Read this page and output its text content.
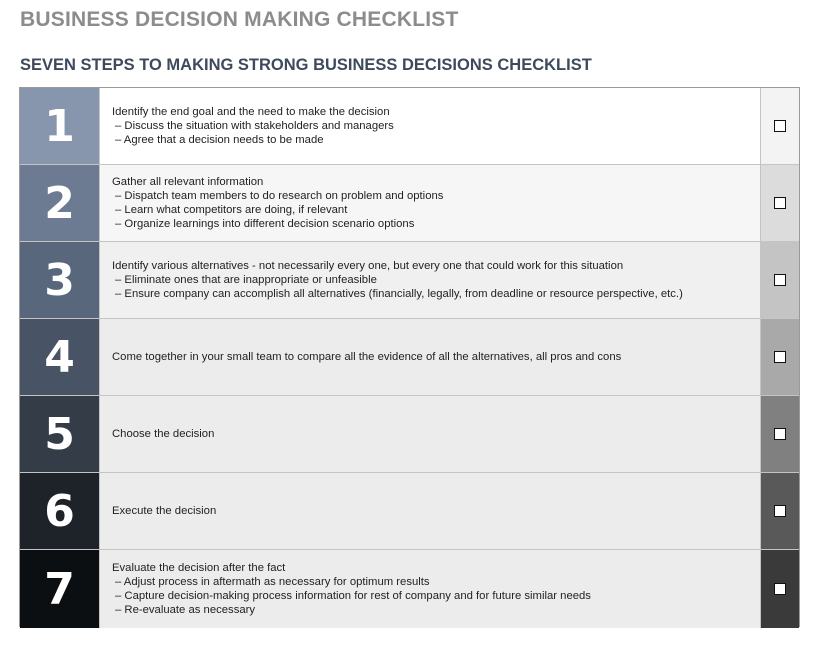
BUSINESS DECISION MAKING CHECKLIST
SEVEN STEPS TO MAKING STRONG BUSINESS DECISIONS CHECKLIST
1	Identify the end goal and the need to make the decision
– Discuss the situation with stakeholders and managers
– Agree that a decision needs to be made
2	Gather all relevant information
– Dispatch team members to do research on problem and options
– Learn what competitors are doing, if relevant
– Organize learnings into different decision scenario options
3	Identify various alternatives - not necessarily every one, but every one that could work for this situation
– Eliminate ones that are inappropriate or unfeasible
– Ensure company can accomplish all alternatives (financially, legally, from deadline or resource perspective, etc.)
4	Come together in your small team to compare all the evidence of all the alternatives, all pros and cons
5	Choose the decision
6	Execute the decision
7	Evaluate the decision after the fact
– Adjust process in aftermath as necessary for optimum results
– Capture decision-making process information for rest of company and for future similar needs
– Re-evaluate as necessary
